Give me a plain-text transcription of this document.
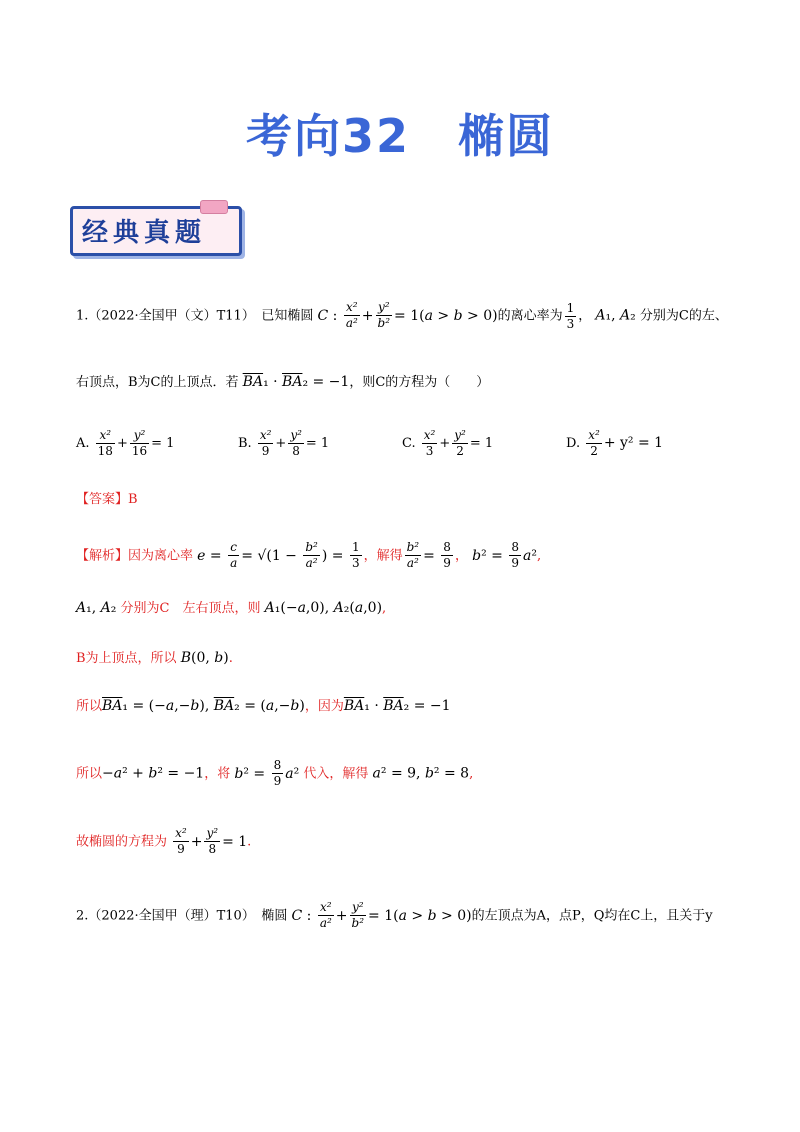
考向32　椭圆
经典真题
1.（2022·全国甲（文）T11）　已知椭圆 C : $\frac{\text{x²}}{\text{a²}} + \frac{\text{y²}}{\text{b²}} = 1(a > b > 0)$的离心率为 $\frac{1}{3}$ ， A₁, A₂ 分别为C的左、
右顶点，B为C的上顶点．若 $\overline{BA}_1 \cdot \overline{BA}_2 = -1$，则C的方程为（　　）
A. $\frac{\text{x²}}{18} + \frac{\text{y²}}{16} = 1$	B. $\frac{\text{x²}}{9} + \frac{\text{y²}}{8} = 1$	C. $\frac{\text{x²}}{3} + \frac{\text{y²}}{2} = 1$	D. $\frac{\text{x²}}{2} + y^2 = 1$
【答案】B
【解析】因为离心率 $e = \frac{c}{a} = √(1 - \frac{\text{b²}}{\text{a²}}$ ) = $\frac{1}{3}$ ，解得 $\frac{\text{b²}}{\text{a²}} = \frac{8}{9}$ ， $b^2 = \frac{8}{9} a^2$,
A₁, A₂ 分别为C　左右顶点，则 A₁(−a,0), A₂(a,0),
B为上顶点，所以 B(0, b).
所以$\overline{BA}_1 = (-a,-b)$, $\overline{BA}_2 = (a,-b)$，因为$\overline{BA}_1 \cdot \overline{BA}_2 = -1$
所以−a² + b² = −1，将 $b^2 = \frac{8}{9} a^2$ 代入，解得 a² = 9, b² = 8,
故椭圆的方程为 $\frac{\text{x²}}{9} + \frac{\text{y²}}{8} = 1$.
2.（2022·全国甲（理）T10）　椭圆 C : $\frac{\text{x²}}{\text{a²}} + \frac{\text{y²}}{\text{b²}} = 1(a > b > 0)$的左顶点为A，点P，Q均在C上，且关于y
